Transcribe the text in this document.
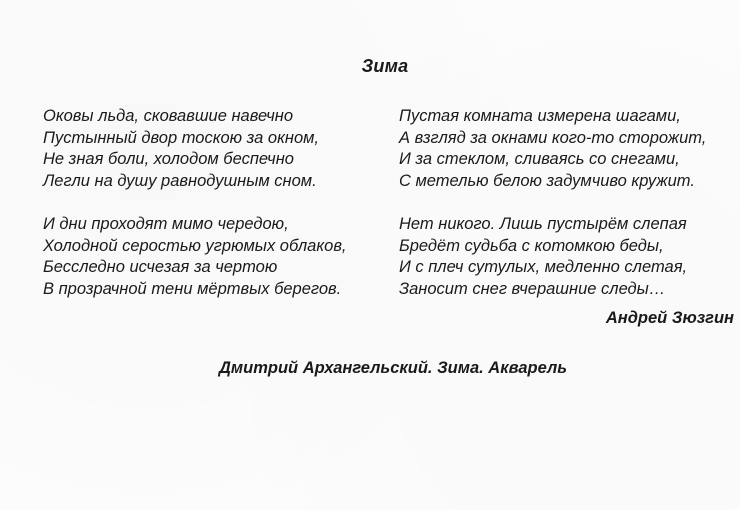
Зима
Оковы льда, сковавшие навечно
Пустынный двор тоскою за окном,
Не зная боли, холодом беспечно
Легли на душу равнодушным сном.
И дни проходят мимо чередою,
Холодной серостью угрюмых облаков,
Бесследно исчезая за чертою
В прозрачной тени мёртвых берегов.
Пустая комната измерена шагами,
А взгляд за окнами кого-то сторожит,
И за стеклом, сливаясь со снегами,
С метелью белою задумчиво кружит.
Нет никого. Лишь пустырём слепая
Бредёт судьба с котомкою беды,
И с плеч сутулых, медленно слетая,
Заносит снег вчерашние следы…
Андрей Зюзгин
Дмитрий Архангельский. Зима. Акварель
